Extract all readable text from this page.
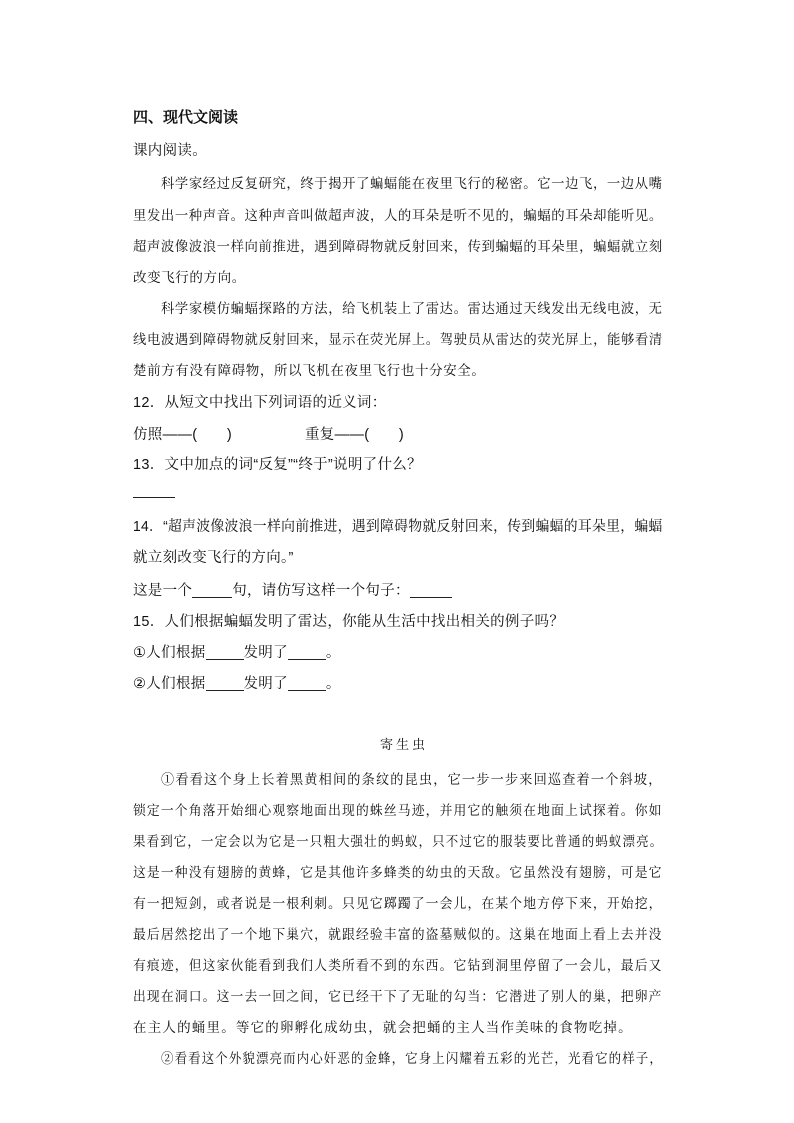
四、现代文阅读
课内阅读。
科学家经过反复研究，终于揭开了蝙蝠能在夜里飞行的秘密。它一边飞，一边从嘴
里发出一种声音。这种声音叫做超声波，人的耳朵是听不见的，蝙蝠的耳朵却能听见。
超声波像波浪一样向前推进，遇到障碍物就反射回来，传到蝙蝠的耳朵里，蝙蝠就立刻
改变飞行的方向。
科学家模仿蝙蝠探路的方法，给飞机装上了雷达。雷达通过天线发出无线电波，无
线电波遇到障碍物就反射回来，显示在荧光屏上。驾驶员从雷达的荧光屏上，能够看清
楚前方有没有障碍物，所以飞机在夜里飞行也十分安全。
12．从短文中找出下列词语的近义词：
仿照——(　　)	重复——(　　)
13．文中加点的词“反复”“终于”说明了什么？
14．“超声波像波浪一样向前推进，遇到障碍物就反射回来，传到蝙蝠的耳朵里，蝙蝠
就立刻改变飞行的方向。”
这是一个	句，请仿写这样一个句子：
15．人们根据蝙蝠发明了雷达，你能从生活中找出相关的例子吗？
①人们根据	发明了	。
②人们根据	发明了	。
寄生虫
①看看这个身上长着黑黄相间的条纹的昆虫，它一步一步来回巡查着一个斜坡，
锁定一个角落开始细心观察地面出现的蛛丝马迹，并用它的触须在地面上试探着。你如
果看到它，一定会以为它是一只粗大强壮的蚂蚁，只不过它的服装要比普通的蚂蚁漂亮。
这是一种没有翅膀的黄蜂，它是其他许多蜂类的幼虫的天敌。它虽然没有翅膀，可是它
有一把短剑，或者说是一根利刺。只见它踯躅了一会儿，在某个地方停下来，开始挖，
最后居然挖出了一个地下巢穴，就跟经验丰富的盗墓贼似的。这巢在地面上看上去并没
有痕迹，但这家伙能看到我们人类所看不到的东西。它钻到洞里停留了一会儿，最后又
出现在洞口。这一去一回之间，它已经干下了无耻的勾当：它潜进了别人的巢，把卵产
在主人的蛹里。等它的卵孵化成幼虫，就会把蛹的主人当作美味的食物吃掉。
②看看这个外貌漂亮而内心奸恶的金蜂，它身上闪耀着五彩的光芒，光看它的样子，
